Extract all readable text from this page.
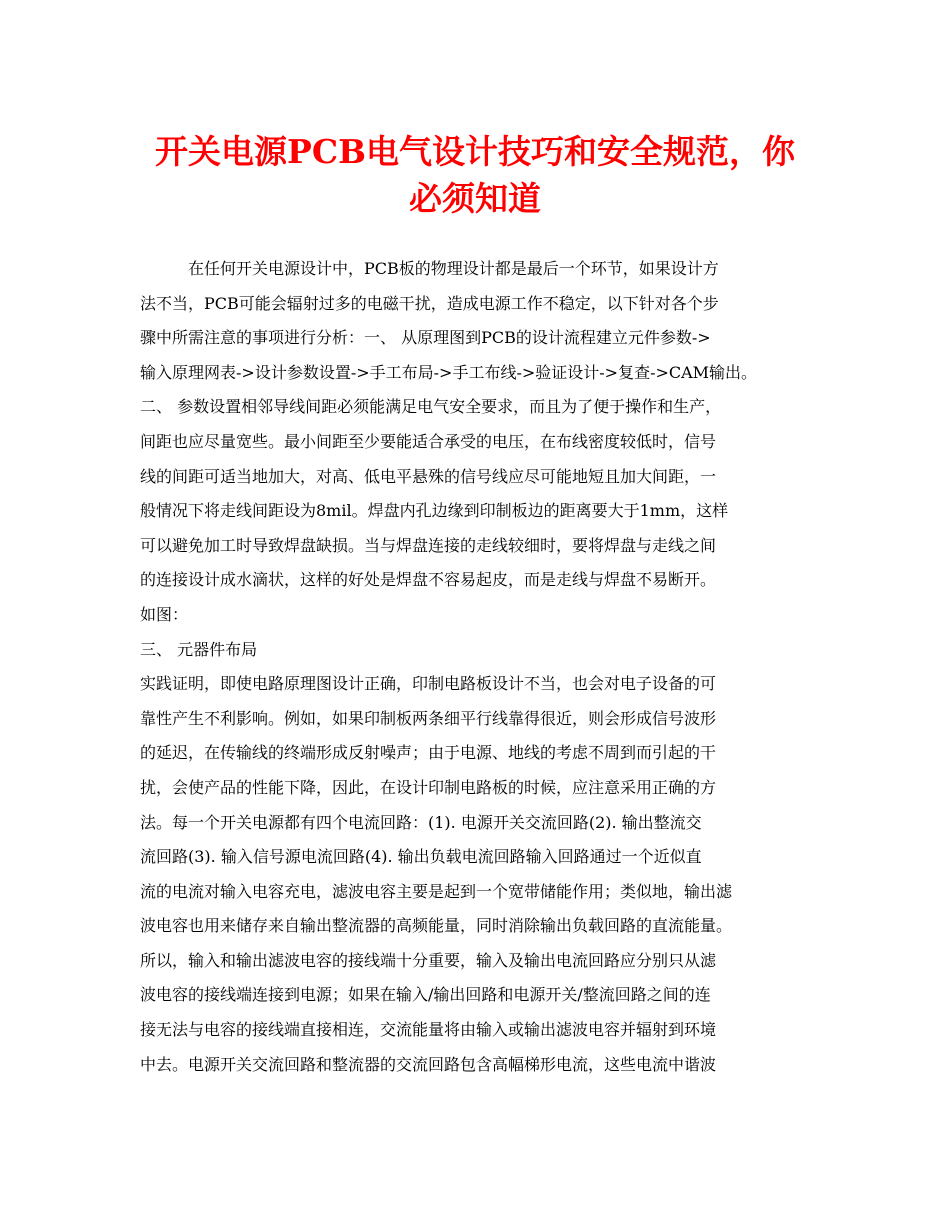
开关电源PCB电气设计技巧和安全规范，你
必须知道
在任何开关电源设计中，PCB板的物理设计都是最后一个环节，如果设计方
法不当，PCB可能会辐射过多的电磁干扰，造成电源工作不稳定，以下针对各个步
骤中所需注意的事项进行分析：一、 从原理图到PCB的设计流程建立元件参数->
输入原理网表->设计参数设置->手工布局->手工布线->验证设计->复查->CAM输出。
二、 参数设置相邻导线间距必须能满足电气安全要求，而且为了便于操作和生产，
间距也应尽量宽些。最小间距至少要能适合承受的电压，在布线密度较低时，信号
线的间距可适当地加大，对高、低电平悬殊的信号线应尽可能地短且加大间距，一
般情况下将走线间距设为8mil。焊盘内孔边缘到印制板边的距离要大于1mm，这样
可以避免加工时导致焊盘缺损。当与焊盘连接的走线较细时，要将焊盘与走线之间
的连接设计成水滴状，这样的好处是焊盘不容易起皮，而是走线与焊盘不易断开。
如图：
三、 元器件布局
实践证明，即使电路原理图设计正确，印制电路板设计不当，也会对电子设备的可
靠性产生不利影响。例如，如果印制板两条细平行线靠得很近，则会形成信号波形
的延迟，在传输线的终端形成反射噪声；由于电源、地线的考虑不周到而引起的干
扰，会使产品的性能下降，因此，在设计印制电路板的时候，应注意采用正确的方
法。每一个开关电源都有四个电流回路：(1). 电源开关交流回路(2). 输出整流交
流回路(3). 输入信号源电流回路(4). 输出负载电流回路输入回路通过一个近似直
流的电流对输入电容充电，滤波电容主要是起到一个宽带储能作用；类似地，输出滤
波电容也用来储存来自输出整流器的高频能量，同时消除输出负载回路的直流能量。
所以，输入和输出滤波电容的接线端十分重要，输入及输出电流回路应分别只从滤
波电容的接线端连接到电源；如果在输入/输出回路和电源开关/整流回路之间的连
接无法与电容的接线端直接相连，交流能量将由输入或输出滤波电容并辐射到环境
中去。电源开关交流回路和整流器的交流回路包含高幅梯形电流，这些电流中谐波
